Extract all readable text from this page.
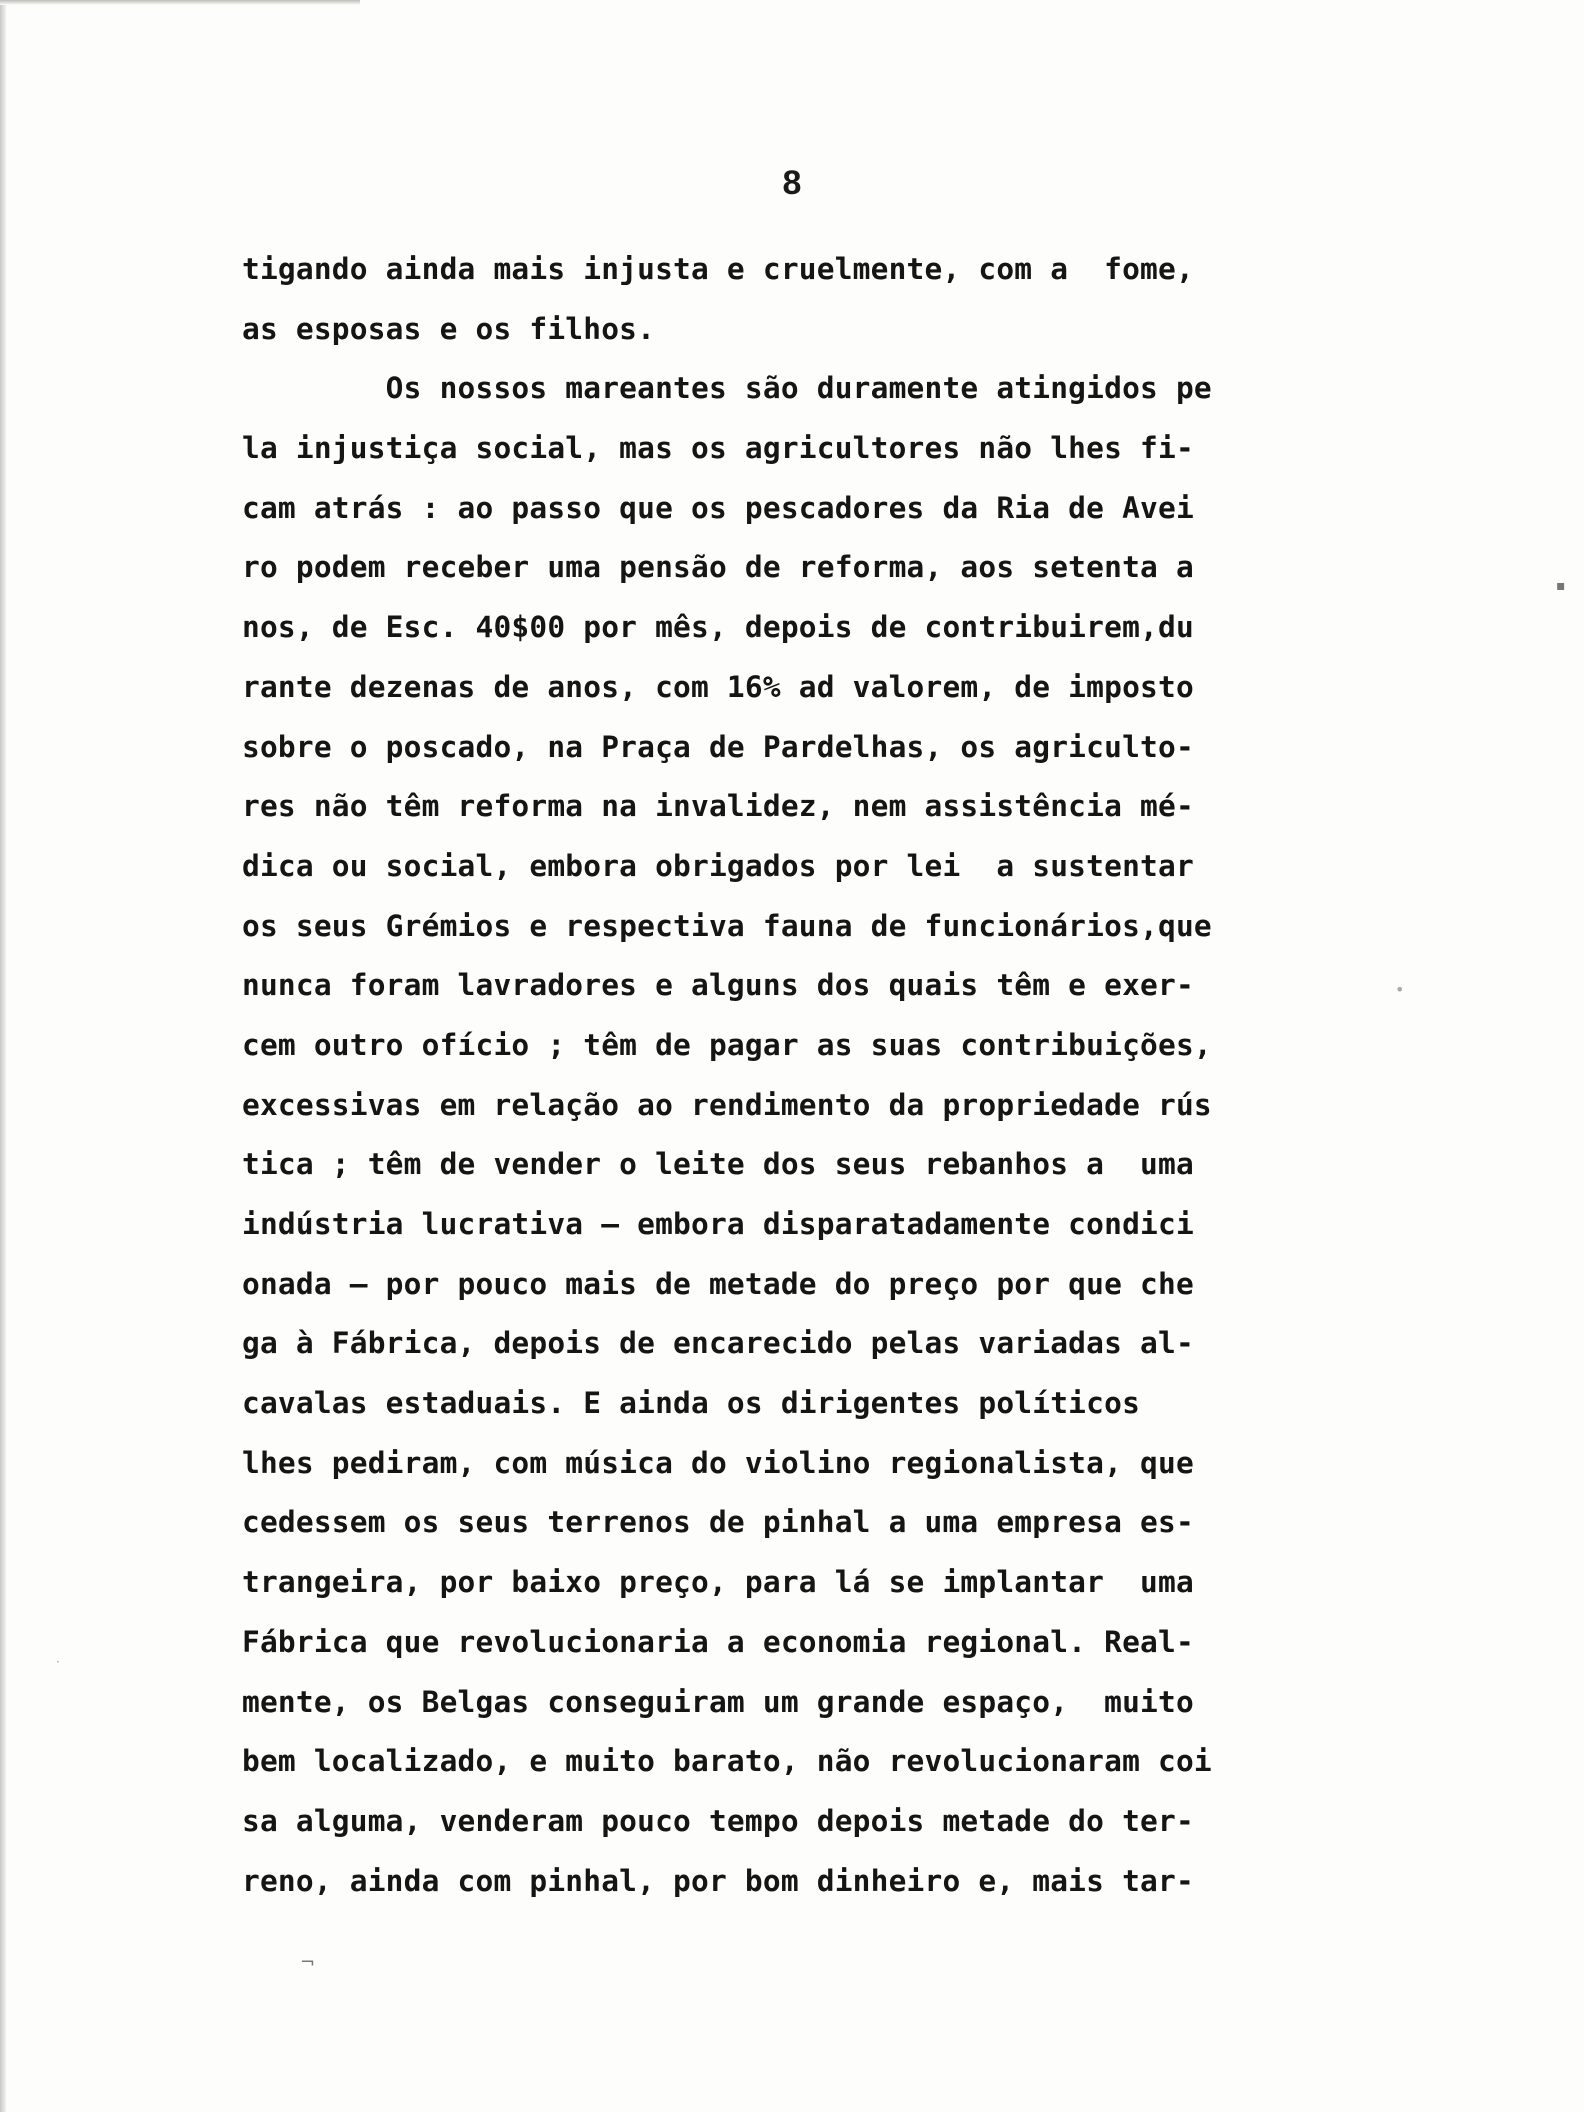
8
tigando ainda mais injusta e cruelmente, com a  fome,
as esposas e os filhos.
Os nossos mareantes são duramente atingidos pe
la injustiça social, mas os agricultores não lhes fi-
cam atrás : ao passo que os pescadores da Ria de Avei
ro podem receber uma pensão de reforma, aos setenta a
nos, de Esc. 40$00 por mês, depois de contribuirem,du
rante dezenas de anos, com 16% ad valorem, de imposto
sobre o poscado, na Praça de Pardelhas, os agriculto-
res não têm reforma na invalidez, nem assistência mé-
dica ou social, embora obrigados por lei  a sustentar
os seus Grémios e respectiva fauna de funcionários,que
nunca foram lavradores e alguns dos quais têm e exer-
cem outro ofício ; têm de pagar as suas contribuições,
excessivas em relação ao rendimento da propriedade rús
tica ; têm de vender o leite dos seus rebanhos a  uma
indústria lucrativa — embora disparatadamente condici
onada — por pouco mais de metade do preço por que che
ga à Fábrica, depois de encarecido pelas variadas al-
cavalas estaduais. E ainda os dirigentes políticos
lhes pediram, com música do violino regionalista, que
cedessem os seus terrenos de pinhal a uma empresa es-
trangeira, por baixo preço, para lá se implantar  uma
Fábrica que revolucionaria a economia regional. Real-
mente, os Belgas conseguiram um grande espaço,  muito
bem localizado, e muito barato, não revolucionaram coi
sa alguma, venderam pouco tempo depois metade do ter-
reno, ainda com pinhal, por bom dinheiro e, mais tar-
▪
•
¬
·
